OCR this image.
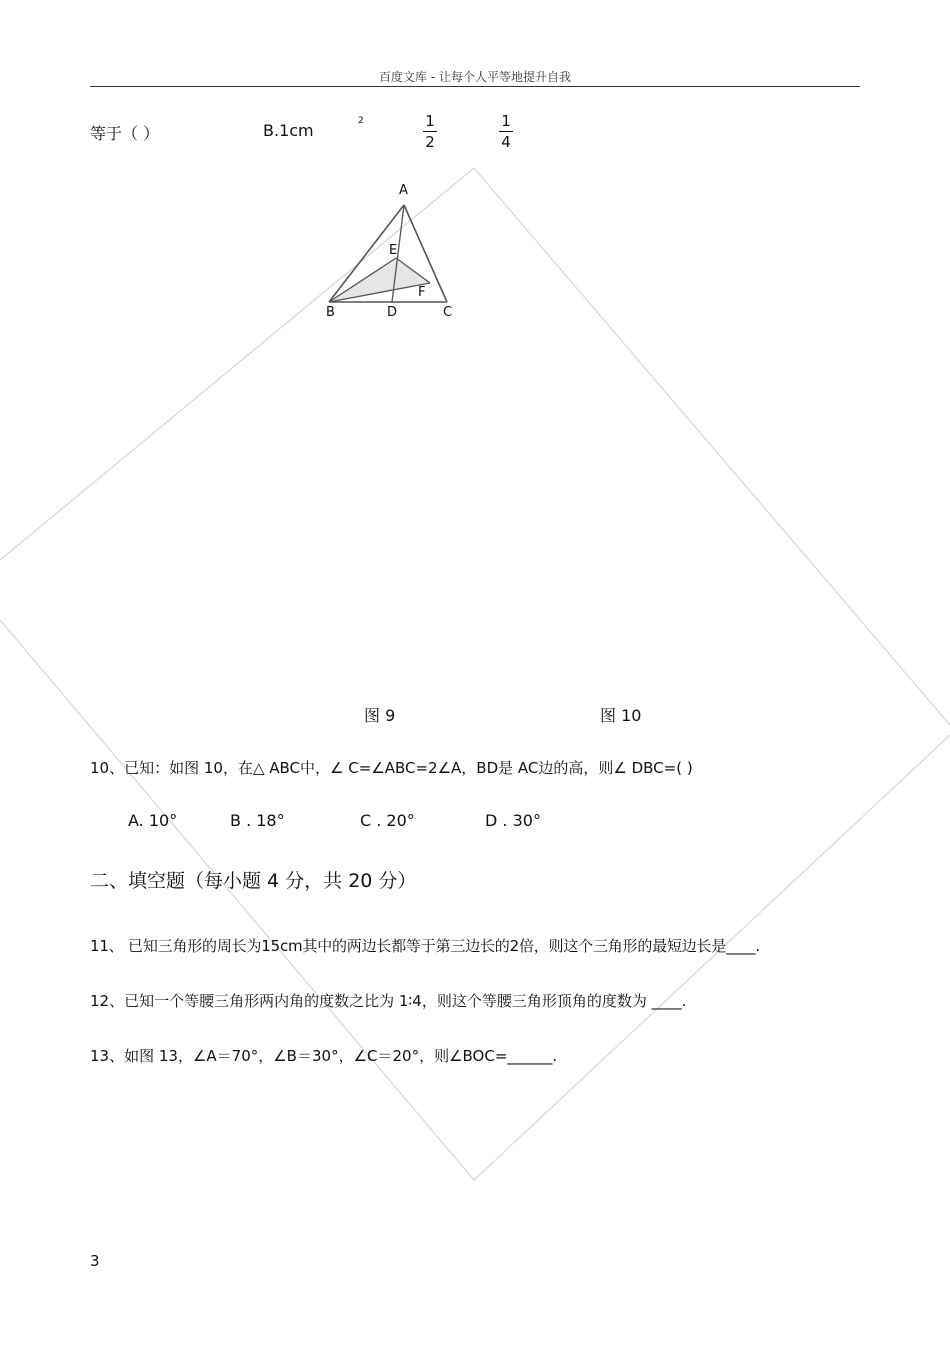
百度文库 - 让每个人平等地提升自我
等于（ ）	B.1cm	2	1
2
1
4
A
E
F
B	D	C
图 9	图 10
10、已知：如图 10，在△ ABC中，∠ C=∠ABC=2∠A，BD是 AC边的高，则∠ DBC=( )
A. 10°	B . 18°	C . 20°	D . 30°
二、填空题（每小题 4 分，共 20 分）
11、 已知三角形的周长为15cm其中的两边长都等于第三边长的2倍，则这个三角形的最短边长是____.
12、已知一个等腰三角形两内角的度数之比为 1∶4，则这个等腰三角形顶角的度数为 ____.
13、如图 13，∠A＝70°，∠B＝30°，∠C＝20°，则∠BOC=______.
3
